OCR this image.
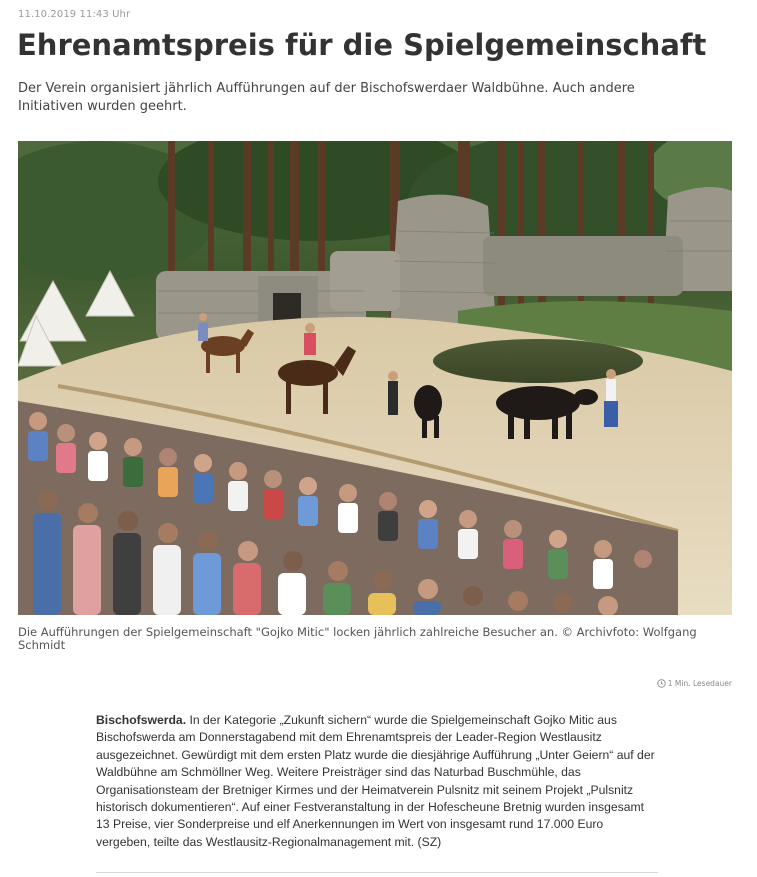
11.10.2019 11:43 Uhr
Ehrenamtspreis für die Spielgemeinschaft

Der Verein organisiert jährlich Aufführungen auf der Bischofswerdaer Waldbühne. Auch andere Initiativen wurden geehrt.

Die Aufführungen der Spielgemeinschaft "Gojko Mitic" locken jährlich zahlreiche Besucher an. © Archivfoto: Wolfgang Schmidt

1 Min. Lesedauer

Bischofswerda. In der Kategorie „Zukunft sichern“ wurde die Spielgemeinschaft Gojko Mitic aus Bischofswerda am Donnerstagabend mit dem Ehrenamtspreis der Leader-Region Westlausitz ausgezeichnet. Gewürdigt mit dem ersten Platz wurde die diesjährige Aufführung „Unter Geiern“ auf der Waldbühne am Schmöllner Weg. Weitere Preisträger sind das Naturbad Buschmühle, das Organisationsteam der Bretniger Kirmes und der Heimatverein Pulsnitz mit seinem Projekt „Pulsnitz historisch dokumentieren“. Auf einer Festveranstaltung in der Hofescheune Bretnig wurden insgesamt 13 Preise, vier Sonderpreise und elf Anerkennungen im Wert von insgesamt rund 17.000 Euro vergeben, teilte das Westlausitz-Regionalmanagement mit. (SZ)
